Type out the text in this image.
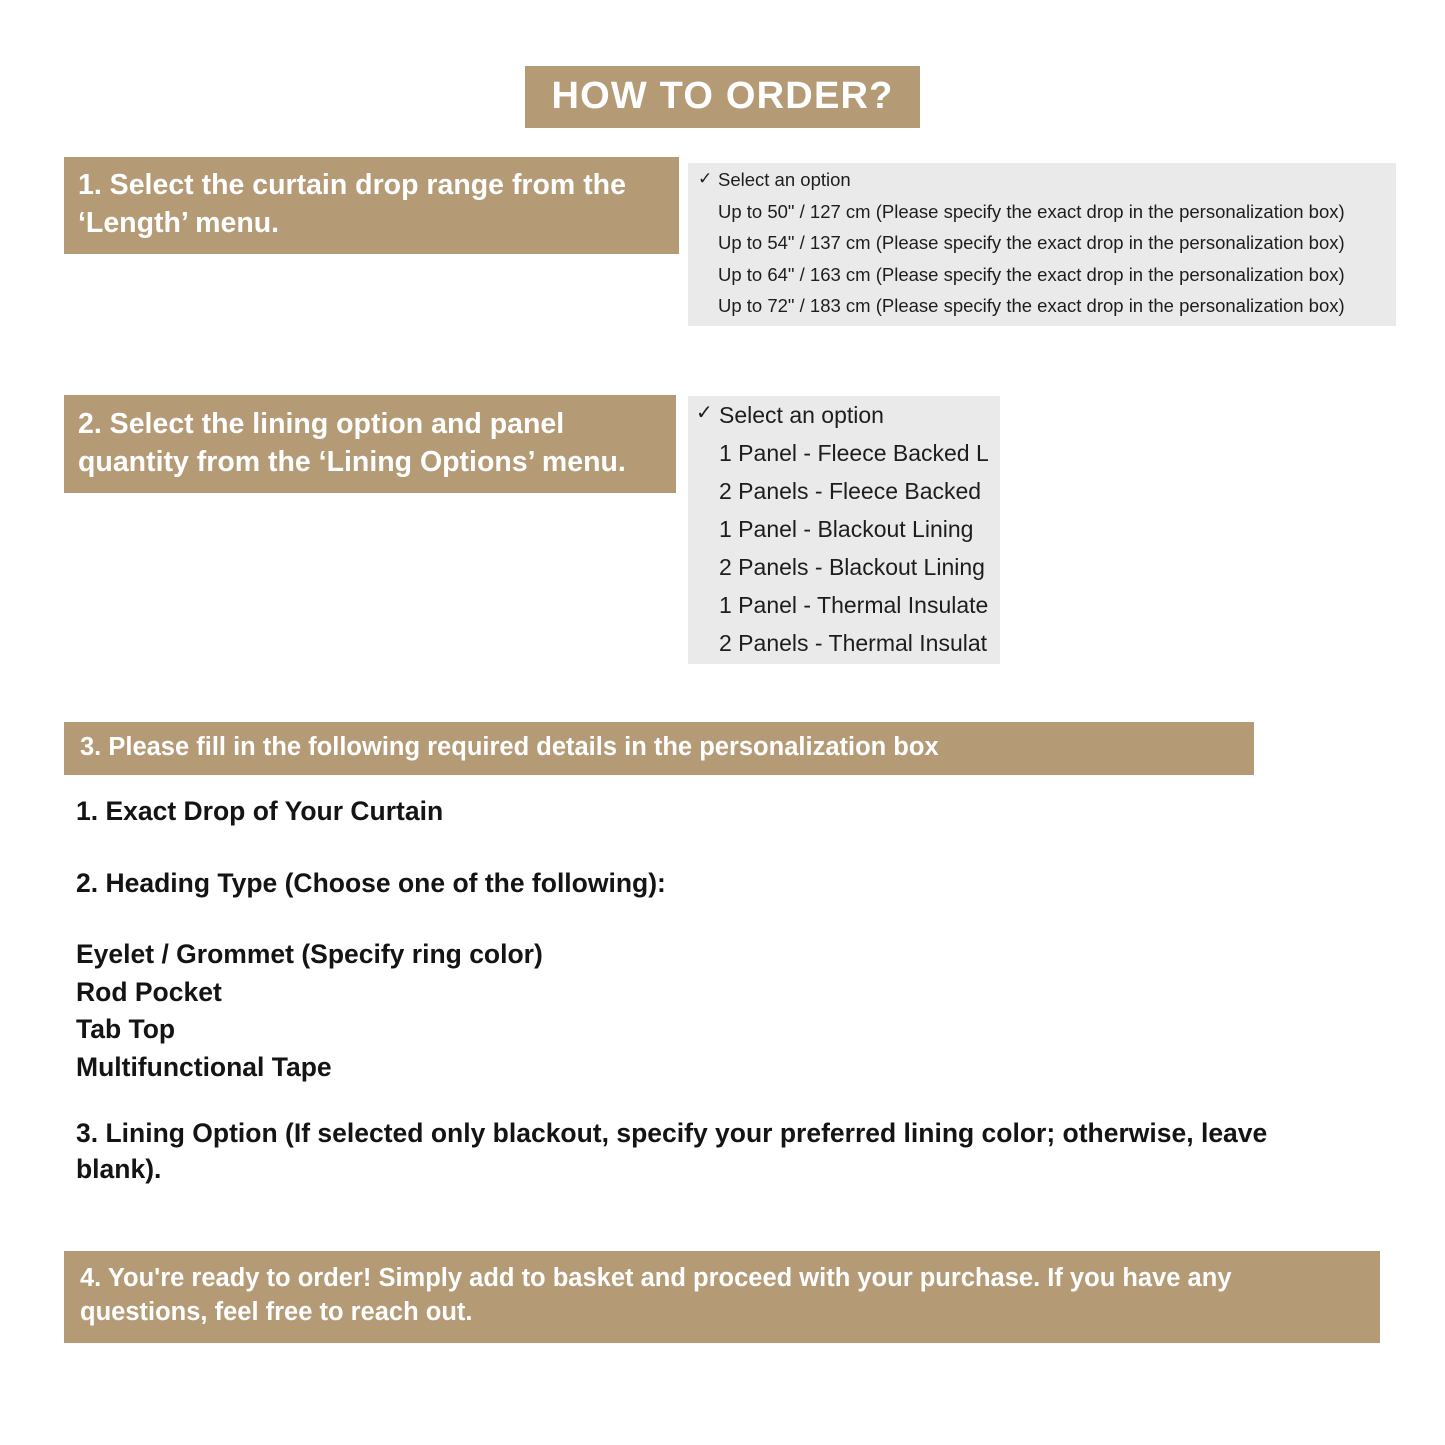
HOW TO ORDER?
1. Select the curtain drop range from the ‘Length’ menu.
✓ Select an option
Up to 50" / 127 cm (Please specify the exact drop in the personalization box)
Up to 54" / 137 cm (Please specify the exact drop in the personalization box)
Up to 64" / 163 cm (Please specify the exact drop in the personalization box)
Up to 72" / 183 cm (Please specify the exact drop in the personalization box)
2. Select the lining option and panel quantity from the ‘Lining Options’ menu.
✓ Select an option
1 Panel - Fleece Backed L
2 Panels - Fleece Backed
1 Panel - Blackout Lining
2 Panels - Blackout Lining
1 Panel - Thermal Insulate
2 Panels - Thermal Insulat
3. Please fill in the following required details in the personalization box
1. Exact Drop of Your Curtain
2. Heading Type (Choose one of the following):
Eyelet / Grommet (Specify ring color)
Rod Pocket
Tab Top
Multifunctional Tape
3. Lining Option (If selected only blackout, specify your preferred lining color; otherwise, leave blank).
4. You're ready to order! Simply add to basket and proceed with your purchase. If you have any questions, feel free to reach out.
